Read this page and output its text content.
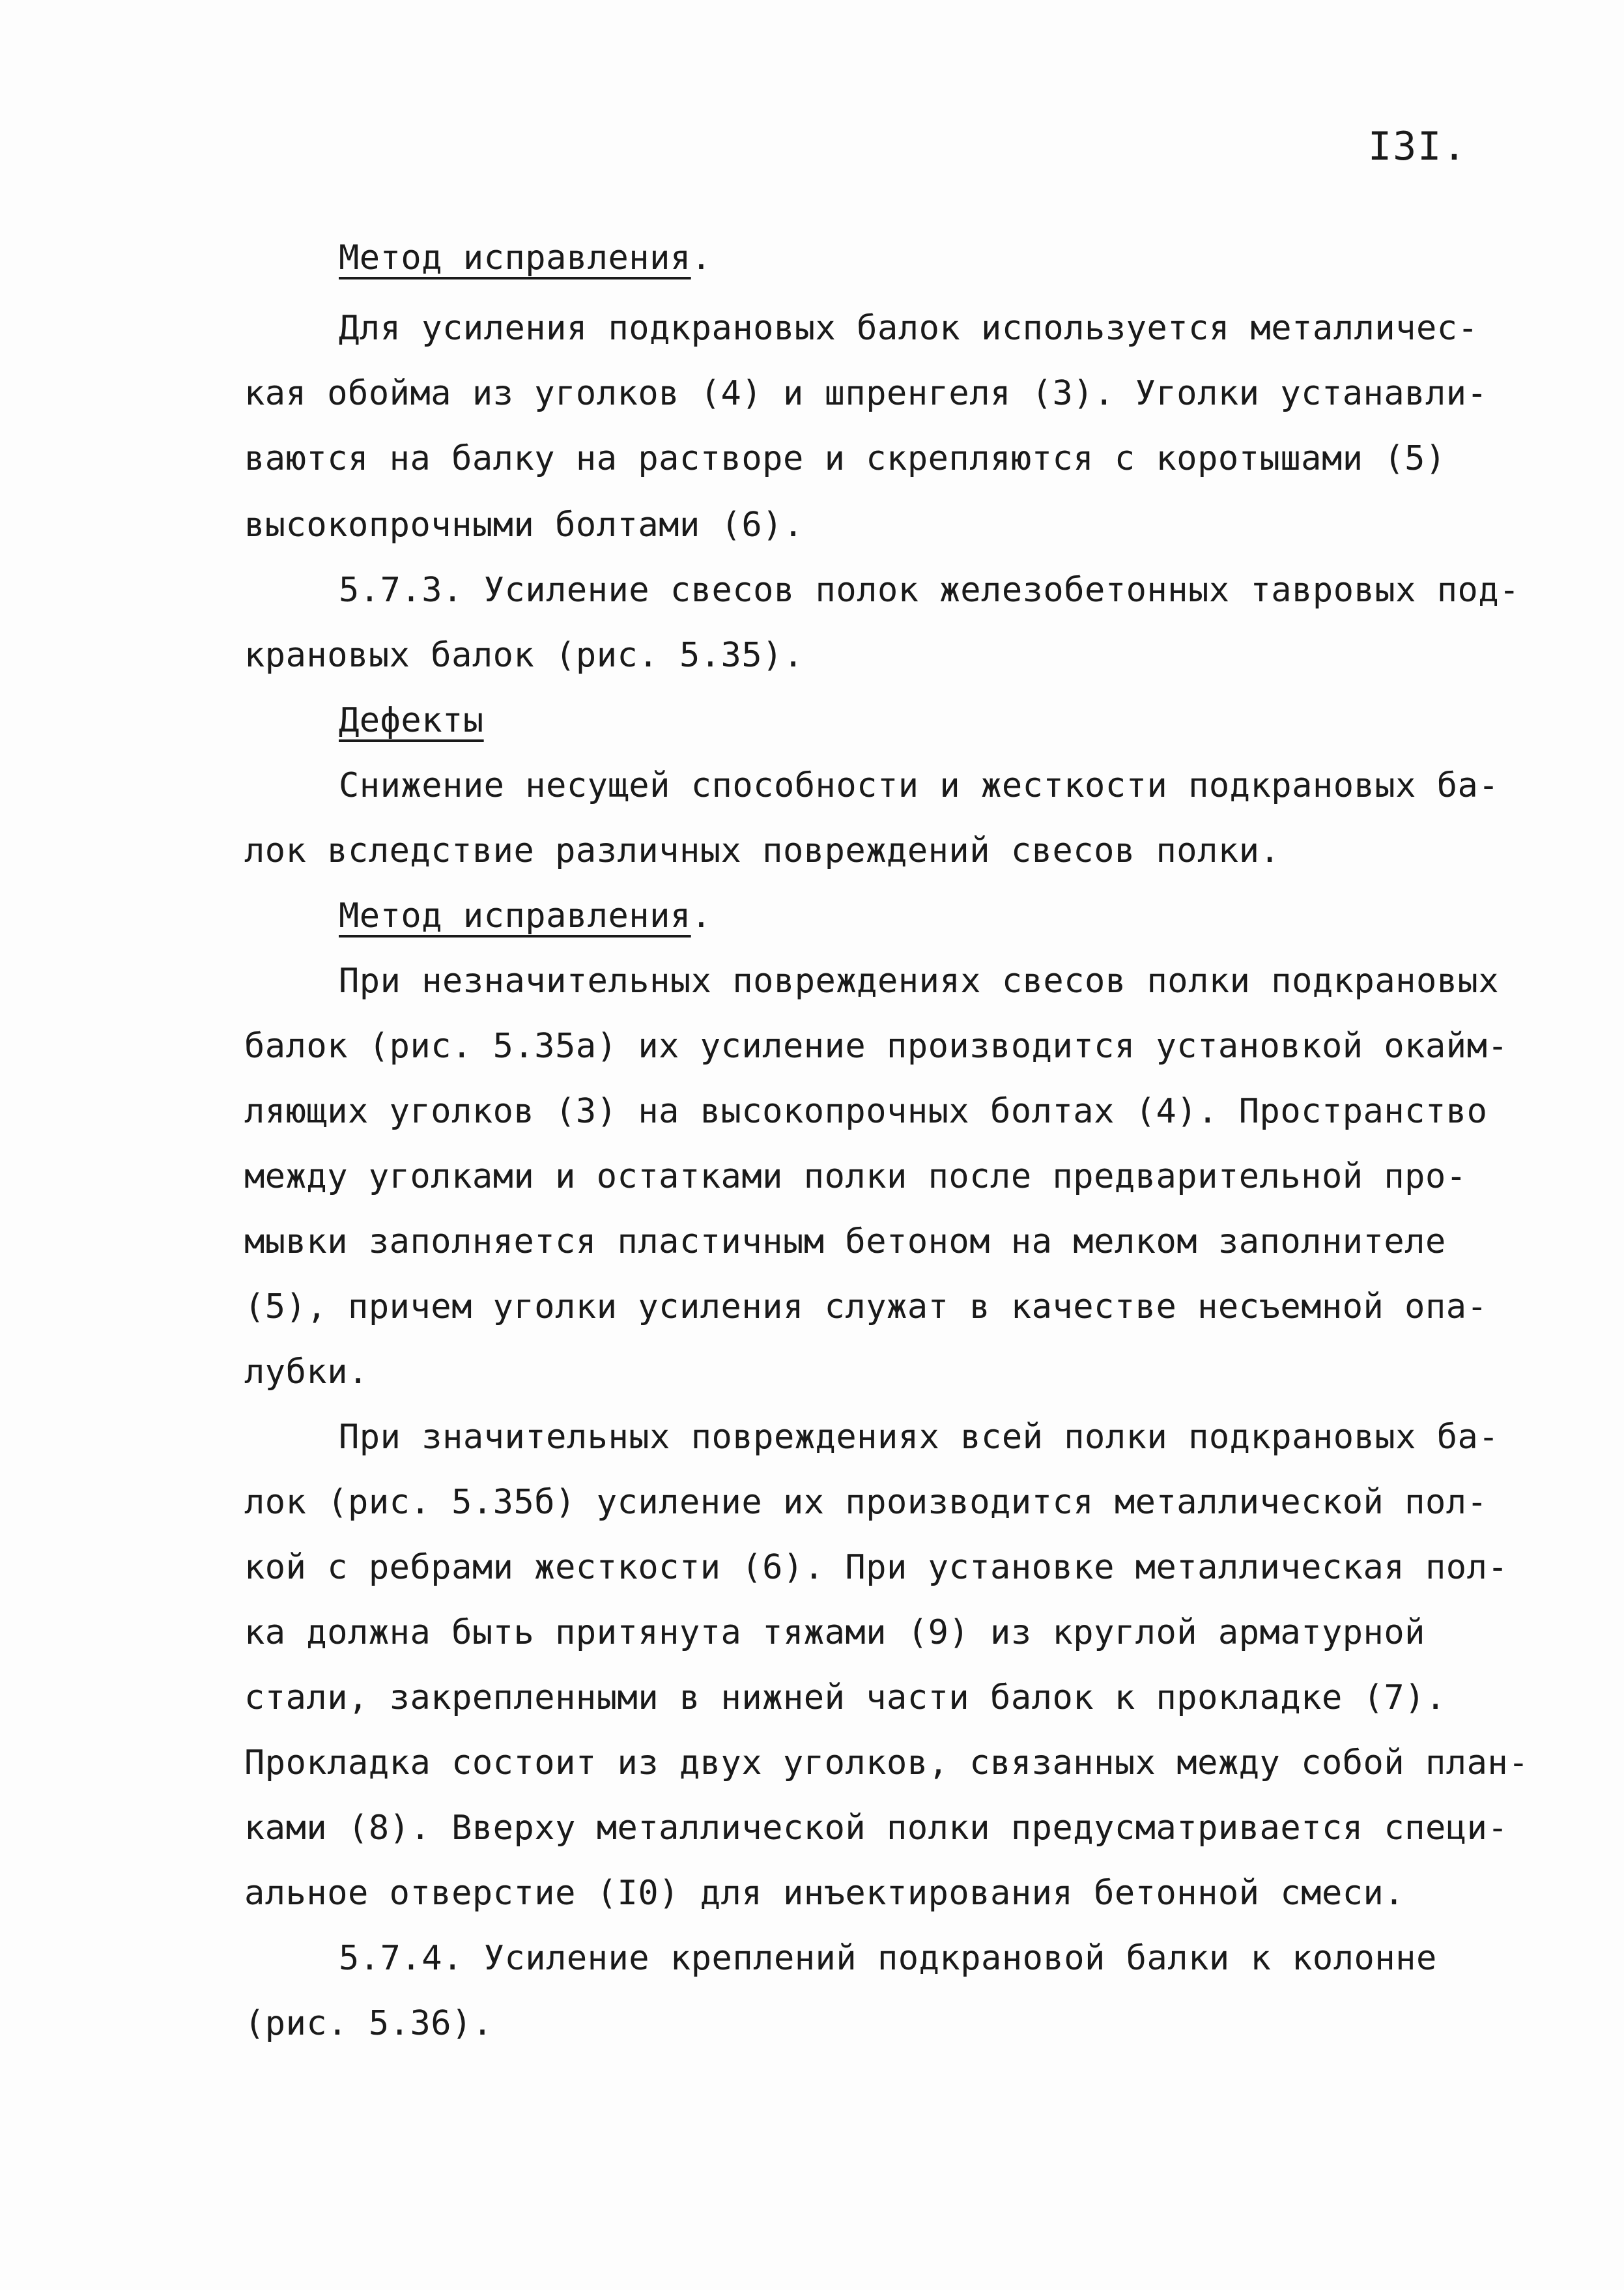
I3I.
Метод исправления.
Для усиления подкрановых балок используется металличес-
кая обойма из уголков (4) и шпренгеля (3). Уголки устанавли-
ваются на балку на растворе и скрепляются с коротышами (5)
высокопрочными болтами (6).
5.7.3. Усиление свесов полок железобетонных тавровых под-
крановых балок (рис. 5.35).
Дефекты
Снижение несущей способности и жесткости подкрановых ба-
лок вследствие различных повреждений свесов полки.
Метод исправления.
При незначительных повреждениях свесов полки подкрановых
балок (рис. 5.35а) их усиление производится установкой окайм-
ляющих уголков (3) на высокопрочных болтах (4). Пространство
между уголками и остатками полки после предварительной про-
мывки заполняется пластичным бетоном на мелком заполнителе
(5), причем уголки усиления служат в качестве несъемной опа-
лубки.
При значительных повреждениях всей полки подкрановых ба-
лок (рис. 5.35б) усиление их производится металлической пол-
кой с ребрами жесткости (6). При установке металлическая пол-
ка должна быть притянута тяжами (9) из круглой арматурной
стали, закрепленными в нижней части балок к прокладке (7).
Прокладка состоит из двух уголков, связанных между собой план-
ками (8). Вверху металлической полки предусматривается специ-
альное отверстие (I0) для инъектирования бетонной смеси.
5.7.4. Усиление креплений подкрановой балки к колонне
(рис. 5.36).
